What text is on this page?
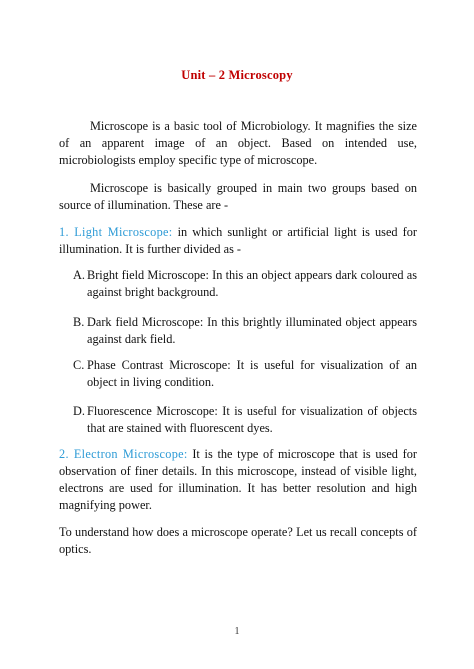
Unit – 2 Microscopy

Microscope is a basic tool of Microbiology. It magnifies the size of an apparent image of an object. Based on intended use, microbiologists employ specific type of microscope.

Microscope is basically grouped in main two groups based on source of illumination. These are -

1. Light Microscope: in which sunlight or artificial light is used for illumination. It is further divided as -

A. Bright field Microscope: In this an object appears dark coloured as against bright background.
B. Dark field Microscope: In this brightly illuminated object appears against dark field.
C. Phase Contrast Microscope: It is useful for visualization of an object in living condition.
D. Fluorescence Microscope: It is useful for visualization of objects that are stained with fluorescent dyes.

2. Electron Microscope: It is the type of microscope that is used for observation of finer details. In this microscope, instead of visible light, electrons are used for illumination. It has better resolution and high magnifying power.

To understand how does a microscope operate? Let us recall concepts of optics.

1
